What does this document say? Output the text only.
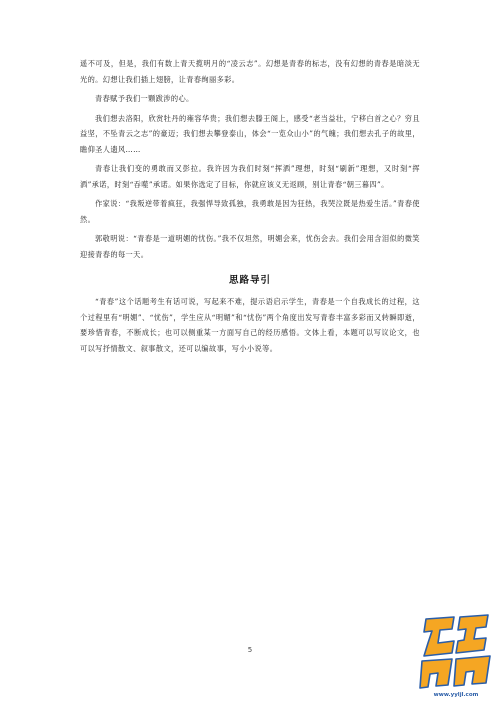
遥不可及，但是，我们有数上青天揽明月的“凌云志”。幻想是青春的标志，没有幻想的青春是暗淡无光的。幻想让我们插上翅膀，让青春绚丽多彩。

青春赋予我们一颗跋涉的心。

我们想去洛阳，欣赏牡丹的雍容华贵；我们想去滕王阁上，感受“老当益壮，宁移白首之心？穷且益坚，不坠青云之志”的豪迈；我们想去攀登泰山，体会“一览众山小”的气魄；我们想去孔子的故里，瞻仰圣人遗风……

青春让我们变的勇敢而又彭拉。我许因为我们时刻“挥洒”理想，时刻“刷新”理想，又时刻“挥洒”承诺，时刻“吞噬”承诺。如果你选定了目标，你就应该义无返顾，别让青春“朝三暮四”。

作家说：“我叛逆带着疯狂，我强悍导致孤独，我勇敢是因为狂热，我哭泣既是热爱生活。”青春使然。

郭敬明说：“青春是一道明媚的忧伤。”我不仅坦然，明媚会来，忧伤会去。我们会用含泪似的微笑迎接青春的每一天。

思路导引

“青春”这个话题考生有话可说，写起来不难，提示语启示学生，青春是一个自我成长的过程，这个过程里有“明媚”、“忧伤”，学生应从“明媚”和“忧伤”两个角度出发写青春丰富多彩而又转瞬即逝，要珍惜青春，不断成长；也可以侧重某一方面写自己的经历感悟。文体上看，本题可以写议论文，也可以写抒情散文、叙事散文，还可以编故事，写小小说等。

5
www.yyljl.com
